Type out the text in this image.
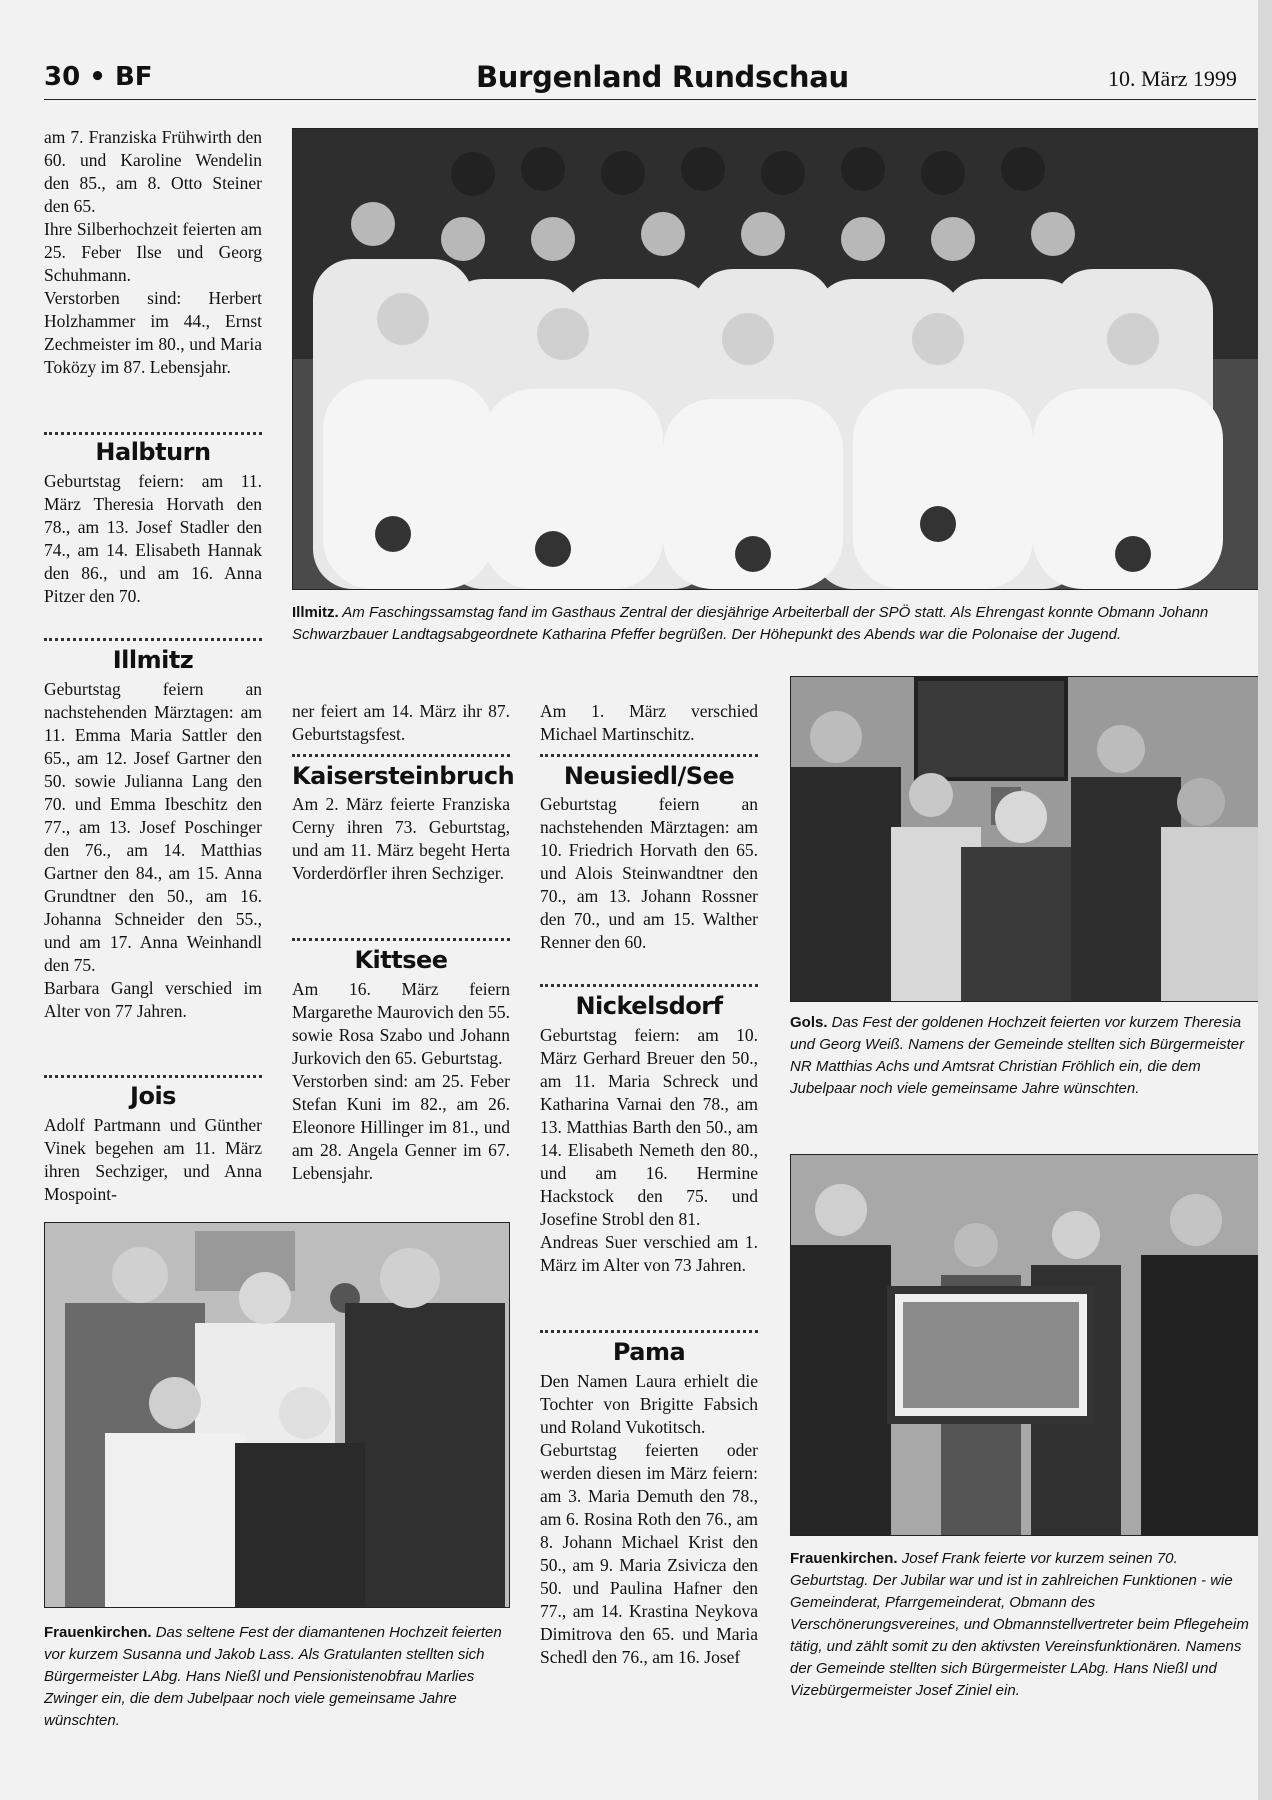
30 • BF	Burgenland Rundschau	10. März 1999
am 7. Franziska Frühwirth den 60. und Karoline Wendelin den 85., am 8. Otto Steiner den 65.
Ihre Silberhochzeit feierten am 25. Feber Ilse und Georg Schuhmann.
Verstorben sind: Herbert Holzhammer im 44., Ernst Zechmeister im 80., und Maria Toközy im 87. Lebensjahr.
Halbturn
Geburtstag feiern: am 11. März Theresia Horvath den 78., am 13. Josef Stadler den 74., am 14. Elisabeth Hannak den 86., und am 16. Anna Pitzer den 70.
Illmitz
Geburtstag feiern an nachstehenden Märztagen: am 11. Emma Maria Sattler den 65., am 12. Josef Gartner den 50. sowie Julianna Lang den 70. und Emma Ibeschitz den 77., am 13. Josef Poschinger den 76., am 14. Matthias Gartner den 84., am 15. Anna Grundtner den 50., am 16. Johanna Schneider den 55., und am 17. Anna Weinhandl den 75.
Barbara Gangl verschied im Alter von 77 Jahren.
Jois
Adolf Partmann und Günther Vinek begehen am 11. März ihren Sechziger, und Anna Mospoint-
ner feiert am 14. März ihr 87. Geburtstagsfest.
Kaisersteinbruch
Am 2. März feierte Franziska Cerny ihren 73. Geburtstag, und am 11. März begeht Herta Vorderdörfler ihren Sechziger.
Kittsee
Am 16. März feiern Margarethe Maurovich den 55. sowie Rosa Szabo und Johann Jurkovich den 65. Geburtstag.
Verstorben sind: am 25. Feber Stefan Kuni im 82., am 26. Eleonore Hillinger im 81., und am 28. Angela Genner im 67. Lebensjahr.
Am 1. März verschied Michael Martinschitz.
Neusiedl/See
Geburtstag feiern an nachstehenden Märztagen: am 10. Friedrich Horvath den 65. und Alois Steinwandtner den 70., am 13. Johann Rossner den 70., und am 15. Walther Renner den 60.
Nickelsdorf
Geburtstag feiern: am 10. März Gerhard Breuer den 50., am 11. Maria Schreck und Katharina Varnai den 78., am 13. Matthias Barth den 50., am 14. Elisabeth Nemeth den 80., und am 16. Hermine Hackstock den 75. und Josefine Strobl den 81.
Andreas Suer verschied am 1. März im Alter von 73 Jahren.
Pama
Den Namen Laura erhielt die Tochter von Brigitte Fabsich und Roland Vukotitsch.
Geburtstag feierten oder werden diesen im März feiern: am 3. Maria Demuth den 78., am 6. Rosina Roth den 76., am 8. Johann Michael Krist den 50., am 9. Maria Zsivicza den 50. und Paulina Hafner den 77., am 14. Krastina Neykova Dimitrova den 65. und Maria Schedl den 76., am 16. Josef
Illmitz. Am Faschingssamstag fand im Gasthaus Zentral der diesjährige Arbeiterball der SPÖ statt. Als Ehrengast konnte Obmann Johann Schwarzbauer Landtagsabgeordnete Katharina Pfeffer begrüßen. Der Höhepunkt des Abends war die Polonaise der Jugend.
Gols. Das Fest der goldenen Hochzeit feierten vor kurzem Theresia und Georg Weiß. Namens der Gemeinde stellten sich Bürgermeister NR Matthias Achs und Amtsrat Christian Fröhlich ein, die dem Jubelpaar noch viele gemeinsame Jahre wünschten.
Frauenkirchen. Das seltene Fest der diamantenen Hochzeit feierten vor kurzem Susanna und Jakob Lass. Als Gratulanten stellten sich Bürgermeister LAbg. Hans Nießl und Pensionistenobfrau Marlies Zwinger ein, die dem Jubelpaar noch viele gemeinsame Jahre wünschten.
Frauenkirchen. Josef Frank feierte vor kurzem seinen 70. Geburtstag. Der Jubilar war und ist in zahlreichen Funktionen - wie Gemeinderat, Pfarrgemeinderat, Obmann des Verschönerungsvereines, und Obmannstellvertreter beim Pflegeheim tätig, und zählt somit zu den aktivsten Vereinsfunktionären. Namens der Gemeinde stellten sich Bürgermeister LAbg. Hans Nießl und Vizebürgermeister Josef Ziniel ein.
